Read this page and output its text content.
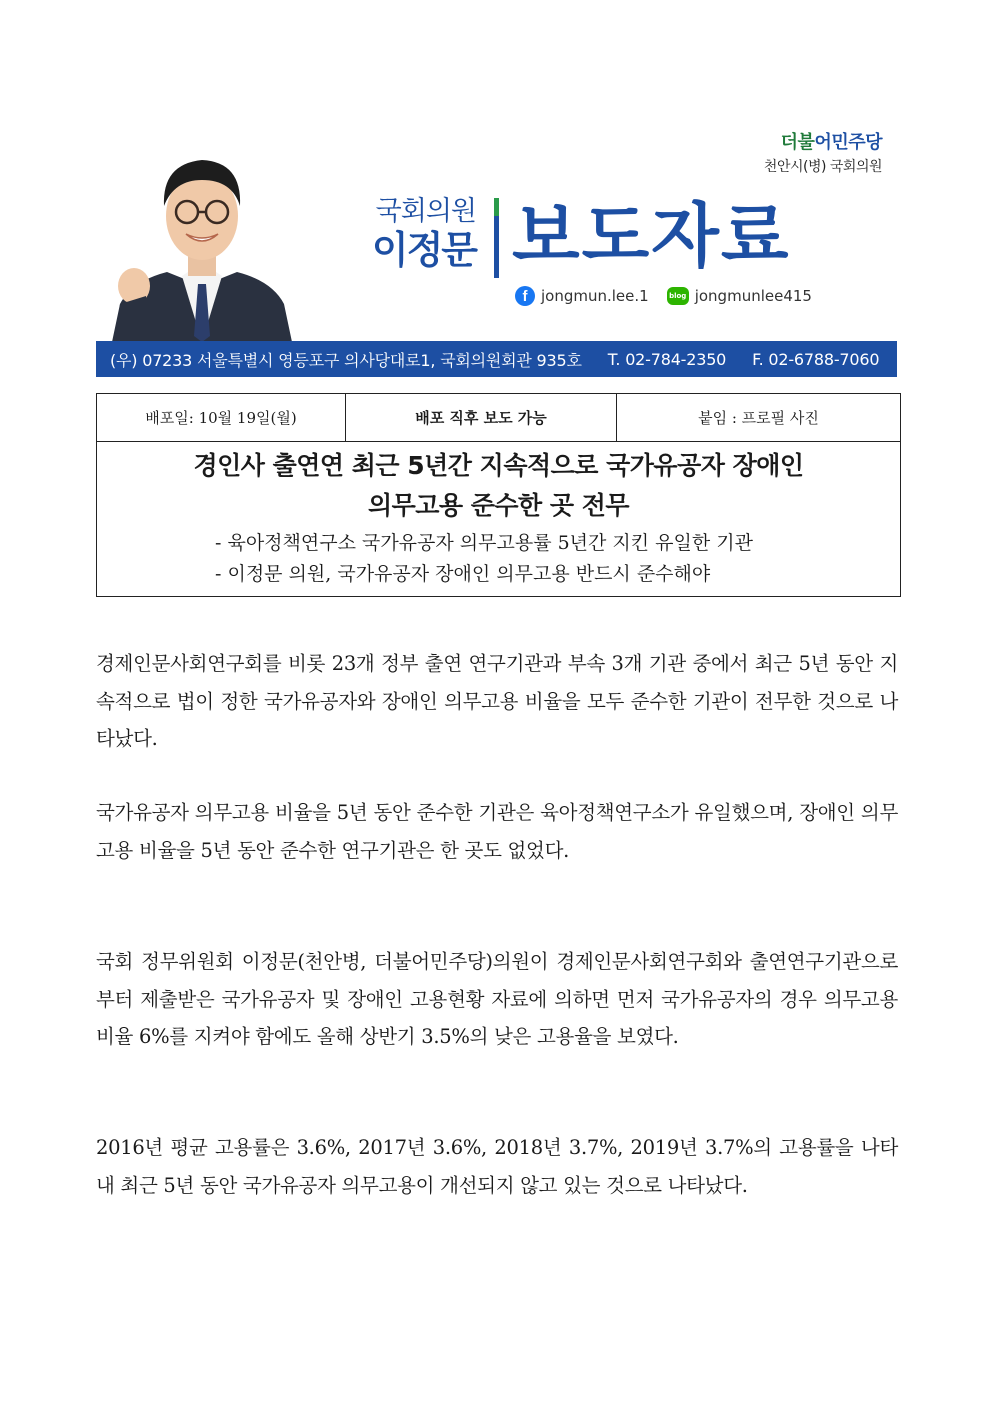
더불어민주당
천안시(병) 국회의원
국회의원
이정문 보도자료
f jongmun.lee.1	blog jongmunlee415
(우) 07233 서울특별시 영등포구 의사당대로1, 국회의원회관 935호 T. 02-784-2350 F. 02-6788-7060
배포일: 10월 19일(월)	배포 직후 보도 가능	붙임 : 프로필 사진

경인사 출연연 최근 5년간 지속적으로 국가유공자 장애인
의무고용 준수한 곳 전무
- 육아정책연구소 국가유공자 의무고용률 5년간 지킨 유일한 기관
- 이정문 의원, 국가유공자 장애인 의무고용 반드시 준수해야
경제인문사회연구회를 비롯 23개 정부 출연 연구기관과 부속 3개 기관 중에서 최근 5년 동안 지속적으로 법이 정한 국가유공자와 장애인 의무고용 비율을 모두 준수한 기관이 전무한 것으로 나타났다.
국가유공자 의무고용 비율을 5년 동안 준수한 기관은 육아정책연구소가 유일했으며, 장애인 의무고용 비율을 5년 동안 준수한 연구기관은 한 곳도 없었다.
국회 정무위원회 이정문(천안병, 더불어민주당)의원이 경제인문사회연구회와 출연연구기관으로부터 제출받은 국가유공자 및 장애인 고용현황 자료에 의하면 먼저 국가유공자의 경우 의무고용비율 6%를 지켜야 함에도 올해 상반기 3.5%의 낮은 고용율을 보였다.
2016년 평균 고용률은 3.6%, 2017년 3.6%, 2018년 3.7%, 2019년 3.7%의 고용률을 나타내 최근 5년 동안 국가유공자 의무고용이 개선되지 않고 있는 것으로 나타났다.
